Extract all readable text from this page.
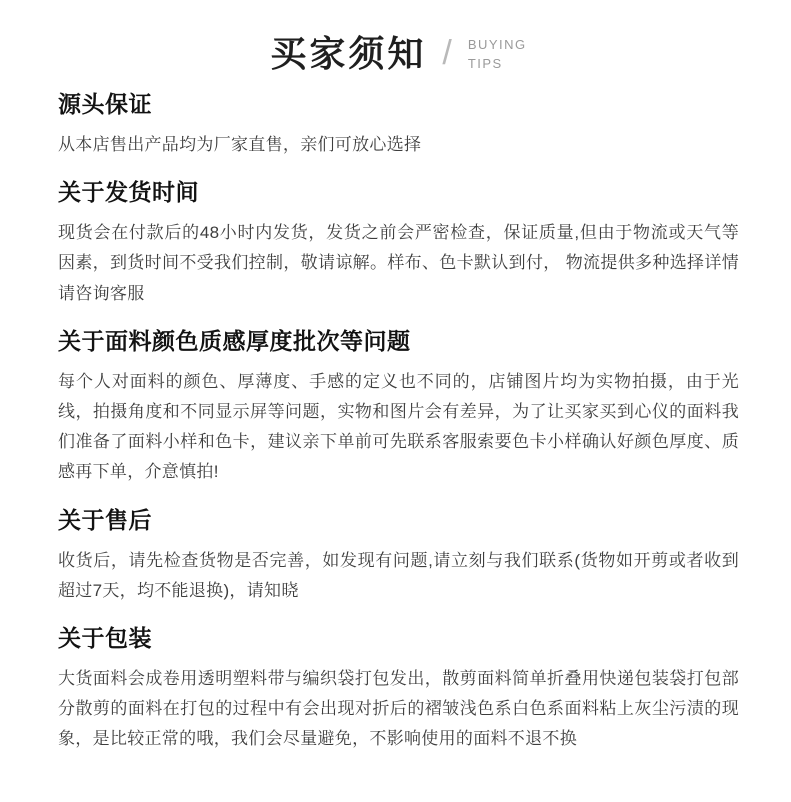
买家须知 / BUYING
TIPS
源头保证

从本店售出产品均为厂家直售，亲们可放心选择

关于发货时间

现货会在付款后的48小时内发货，发货之前会严密检查，保证质量,但由于物流或天气等因素，到货时间不受我们控制，敬请谅解。样布、色卡默认到付， 物流提供多种选择详情请咨询客服

关于面料颜色质感厚度批次等问题

每个人对面料的颜色、厚薄度、手感的定义也不同的，店铺图片均为实物拍摄，由于光线，拍摄角度和不同显示屏等问题，实物和图片会有差异，为了让买家买到心仪的面料我们准备了面料小样和色卡，建议亲下单前可先联系客服索要色卡小样确认好颜色厚度、质感再下单，介意慎拍!

关于售后

收货后，请先检查货物是否完善，如发现有问题,请立刻与我们联系(货物如开剪或者收到超过7天，均不能退换)，请知晓

关于包装

大货面料会成卷用透明塑料带与编织袋打包发出，散剪面料简单折叠用快递包装袋打包部分散剪的面料在打包的过程中有会出现对折后的褶皱浅色系白色系面料粘上灰尘污渍的现象，是比较正常的哦，我们会尽量避免，不影响使用的面料不退不换
